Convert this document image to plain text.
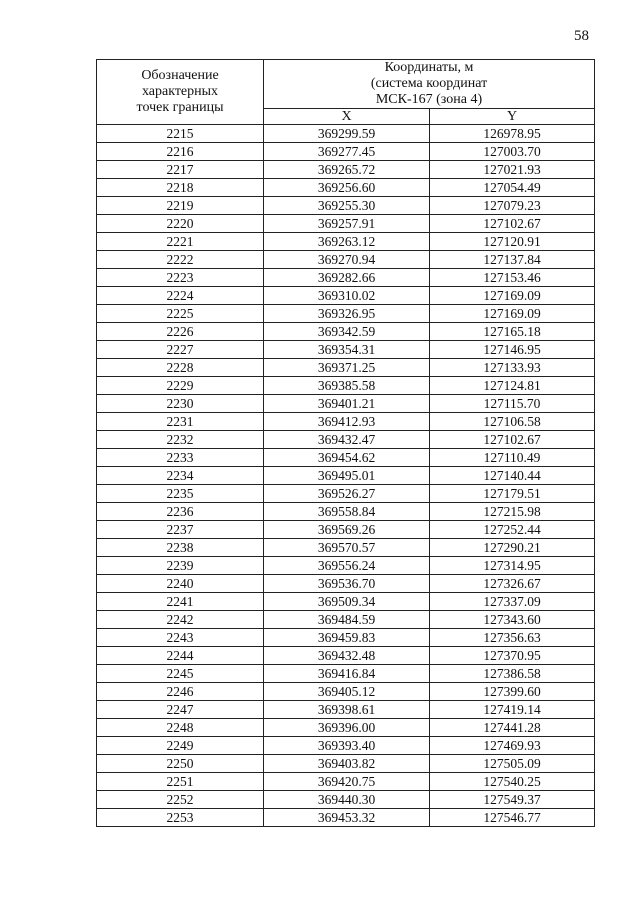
58
Обозначение
характерных
точек границы	Координаты, м
(система координат
МСК-167 (зона 4)	

	X	Y
2215	369299.59	126978.95
2216	369277.45	127003.70
2217	369265.72	127021.93
2218	369256.60	127054.49
2219	369255.30	127079.23
2220	369257.91	127102.67
2221	369263.12	127120.91
2222	369270.94	127137.84
2223	369282.66	127153.46
2224	369310.02	127169.09
2225	369326.95	127169.09
2226	369342.59	127165.18
2227	369354.31	127146.95
2228	369371.25	127133.93
2229	369385.58	127124.81
2230	369401.21	127115.70
2231	369412.93	127106.58
2232	369432.47	127102.67
2233	369454.62	127110.49
2234	369495.01	127140.44
2235	369526.27	127179.51
2236	369558.84	127215.98
2237	369569.26	127252.44
2238	369570.57	127290.21
2239	369556.24	127314.95
2240	369536.70	127326.67
2241	369509.34	127337.09
2242	369484.59	127343.60
2243	369459.83	127356.63
2244	369432.48	127370.95
2245	369416.84	127386.58
2246	369405.12	127399.60
2247	369398.61	127419.14
2248	369396.00	127441.28
2249	369393.40	127469.93
2250	369403.82	127505.09
2251	369420.75	127540.25
2252	369440.30	127549.37
2253	369453.32	127546.77
